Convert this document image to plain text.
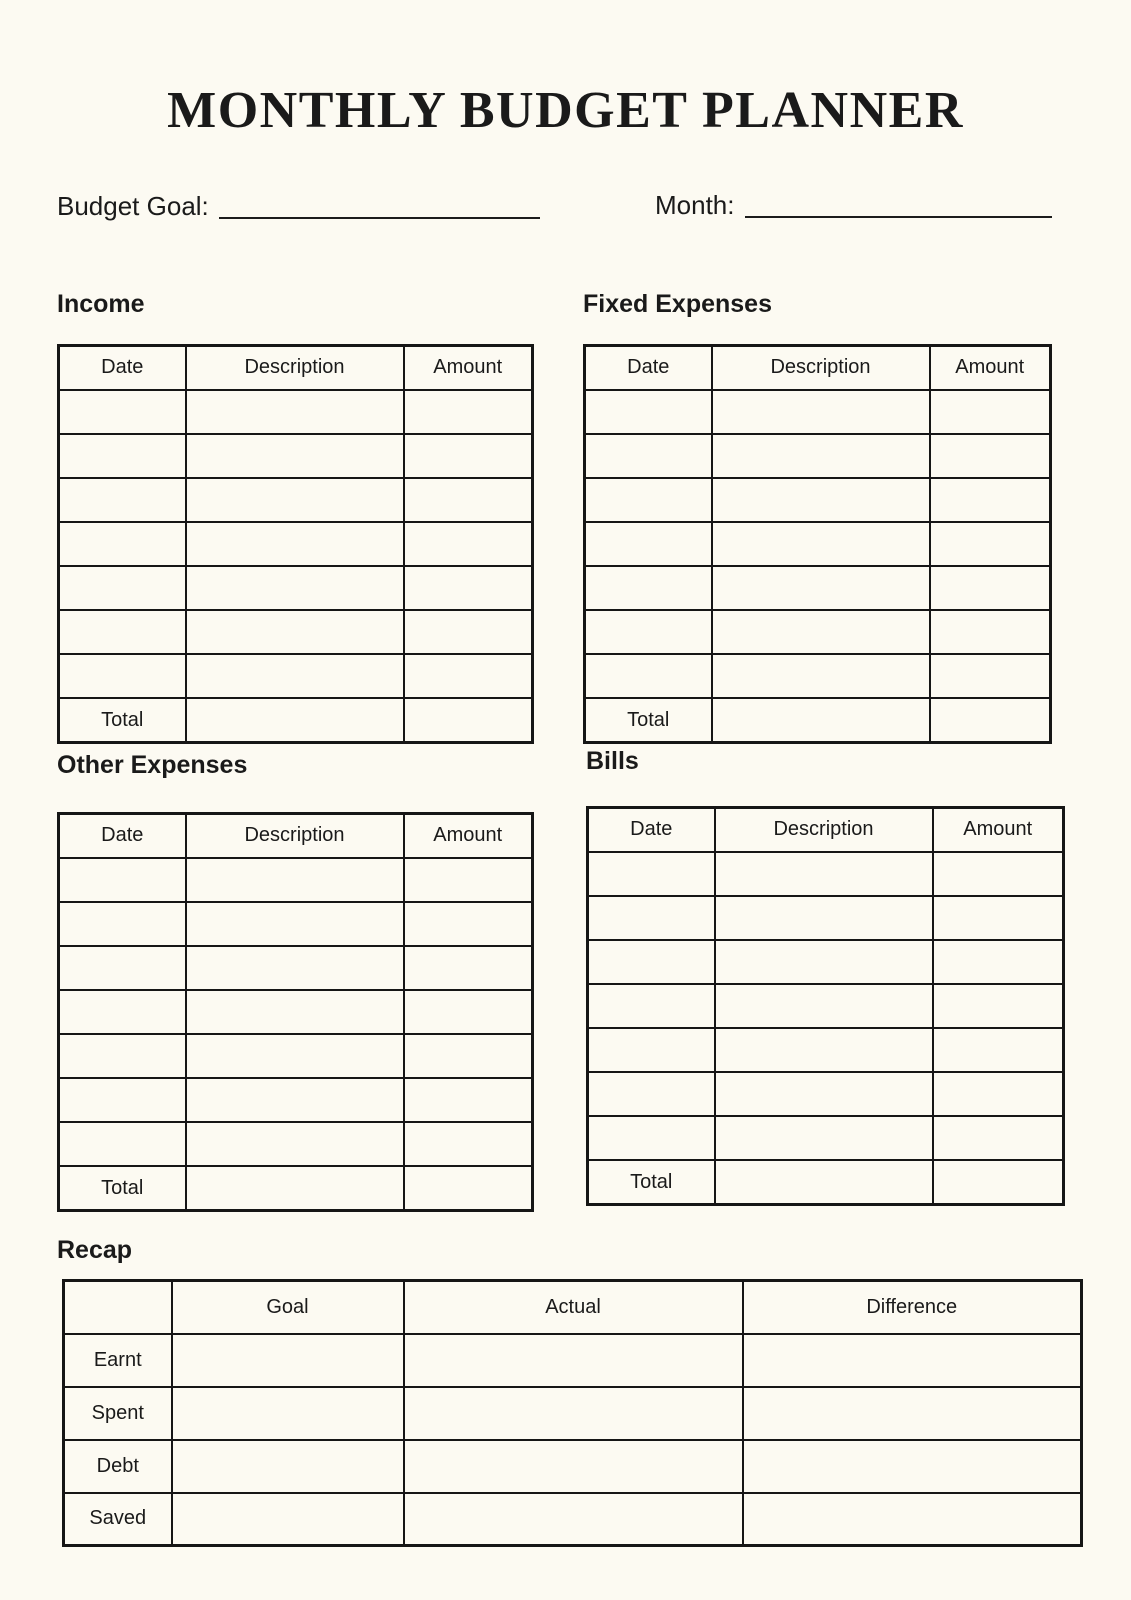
MONTHLY BUDGET PLANNER
Budget Goal:	Month:
Income	Fixed Expenses
Other Expenses	Bills
Recap
Date	Description	Amount

Total		
Date	Description	Amount

Total		
Date	Description	Amount

Total		
Date	Description	Amount

Total		
	Goal	Actual	Difference
Earnt			
Spent			
Debt			
Saved			
